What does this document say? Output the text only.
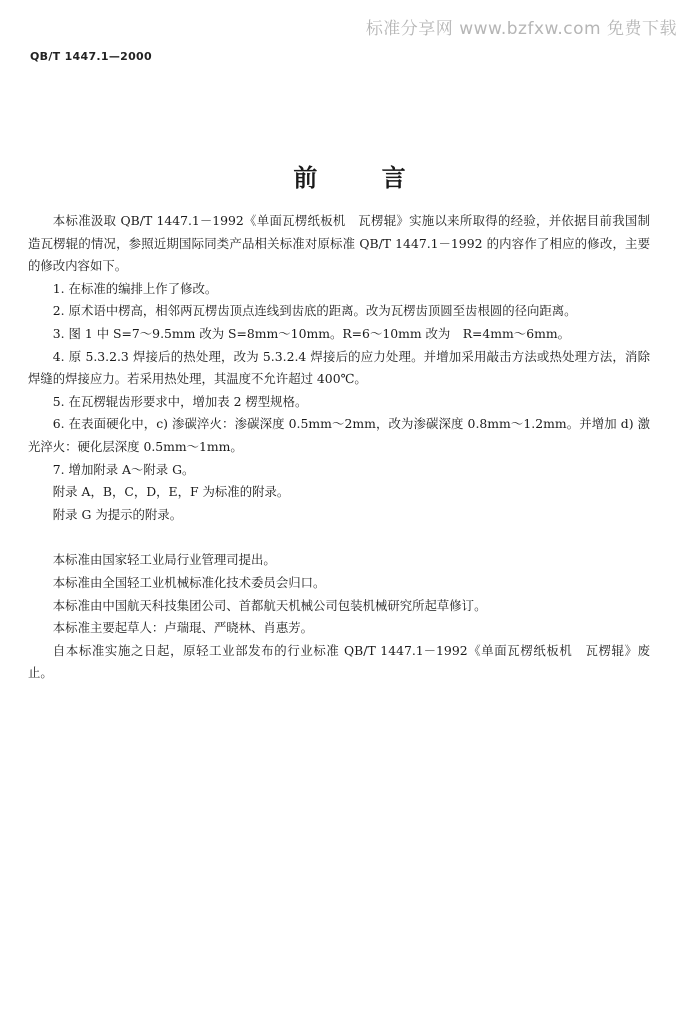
标准分享网 www.bzfxw.com 免费下载
QB/T 1447.1—2000
前 言

本标准汲取 QB/T 1447.1－1992《单面瓦楞纸板机　瓦楞辊》实施以来所取得的经验，并依据目前我国制造瓦楞辊的情况，参照近期国际同类产品相关标准对原标准 QB/T 1447.1－1992 的内容作了相应的修改，主要的修改内容如下。

1. 在标准的编排上作了修改。

2. 原术语中楞高，相邻两瓦楞齿顶点连线到齿底的距离。改为瓦楞齿顶圆至齿根圆的径向距离。

3. 图 1 中 S=7～9.5mm 改为 S=8mm～10mm。R=6～10mm 改为　R=4mm～6mm。

4. 原 5.3.2.3 焊接后的热处理，改为 5.3.2.4 焊接后的应力处理。并增加采用敲击方法或热处理方法，消除焊缝的焊接应力。若采用热处理，其温度不允许超过 400℃。

5. 在瓦楞辊齿形要求中，增加表 2 楞型规格。

6. 在表面硬化中，c) 渗碳淬火：渗碳深度 0.5mm～2mm，改为渗碳深度 0.8mm～1.2mm。并增加 d) 激光淬火：硬化层深度 0.5mm～1mm。

7. 增加附录 A～附录 G。

附录 A，B，C，D，E，F 为标准的附录。

附录 G 为提示的附录。

本标准由国家轻工业局行业管理司提出。

本标准由全国轻工业机械标准化技术委员会归口。

本标准由中国航天科技集团公司、首都航天机械公司包装机械研究所起草修订。

本标准主要起草人：卢瑞琨、严晓林、肖惠芳。

自本标准实施之日起，原轻工业部发布的行业标准 QB/T 1447.1－1992《单面瓦楞纸板机　瓦楞辊》废止。
